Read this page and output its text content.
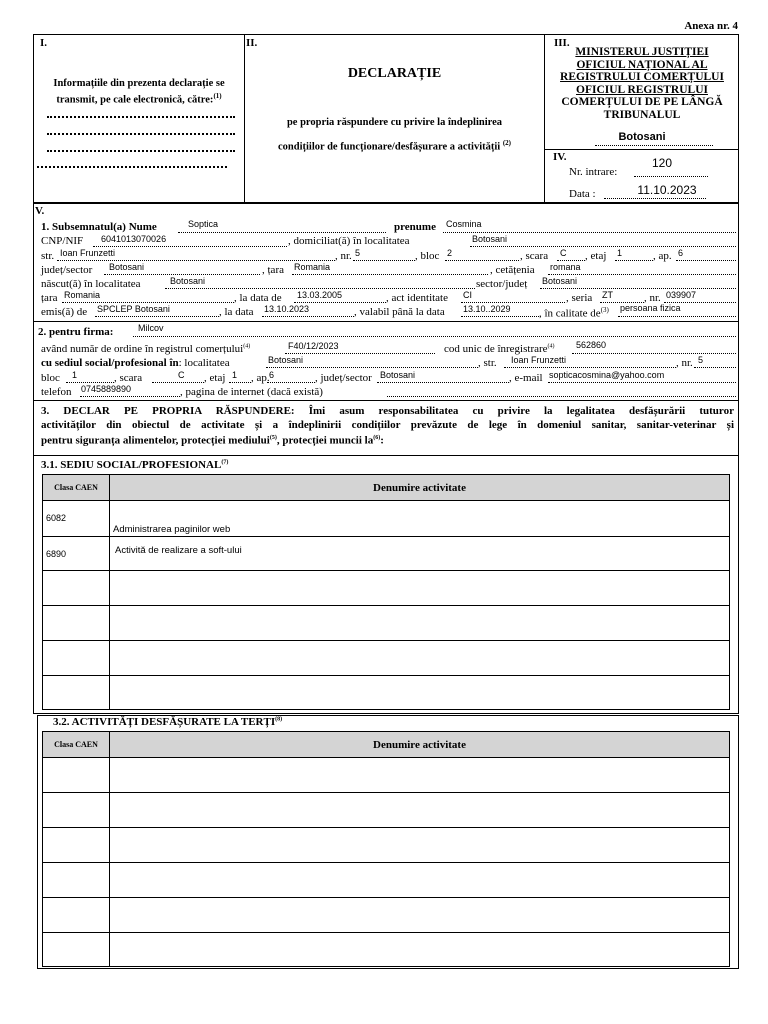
Anexa nr. 4
I.
Informațiile din prezenta declarație se
transmit, pe cale electronică, către:$^{(1)}$
II.
DECLARAȚIE
pe propria răspundere cu privire la îndeplinirea
condițiilor de funcționare/desfășurare a activității $^{(2)}$
III.
MINISTERUL JUSTIȚIEI
OFICIUL NAȚIONAL AL
REGISTRULUI COMERȚULUI
OFICIUL REGISTRULUI
COMERȚULUI DE PE LÂNGĂ
TRIBUNALUL
Botosani
IV.	120
Nr. intrare:
11.10.2023
Data :
V.
1. Subsemnatul(a) Nume	Soptica	prenume Cosmina
CNP/NIF 6041013070026	, domiciliat(ă) în localitatea	Botosani
str. Ioan Frunzetti	, nr. 5	, bloc 2	, scara C , etaj 1	, ap. 6
județ/sector Botosani	, țara Romania	, cetățenia romana
născut(ă) în localitatea	Botosani	sector/județ Botosani
țara Romania	, la data de 13.03.2005	, act identitate CI	, seria ZT	, nr. 039907
emis(ă) de SPCLEP Botosani	, la data 13.10.2023	, valabil până la data 13.10..2029	, în calitate $de^{(3)}$ persoana fizica
2. pentru firma:	Milcov
având număr de ordine în registrul comerțului$^{(4)}$	F40/12/2023	cod unic de înregistrare$^{(4)}$ 562860
cu sediul social/profesional în: localitatea	Botosani	, str. Ioan Frunzetti	, nr. 5
bloc 1	, scara	C , etaj 1 , ap. 6	, județ/sector Botosani	, e-mail sopticacosmina@yahoo.com
telefon 0745889890	, pagina de internet (dacă există)
3. DECLAR PE PROPRIA RĂSPUNDERE: Îmi asum responsabilitatea cu privire la legalitatea desfășurării tuturor
activităților din obiectul de activitate și a îndeplinirii condițiilor prevăzute de lege în domeniul sanitar, sanitar-veterinar și
pentru siguranța alimentelor, protecției mediului$^{(5)}$, protecției muncii $la^{(6)}$:
3.1. SEDIU SOCIAL/PROFESIONAL$^{(7)}$
Clasa CAEN	Denumire activitate

6082	Administrarea paginilor web

6890	Activită de realizare a soft-ului

3.2. ACTIVITĂȚI DESFĂȘURATE LA TERȚI$^{(8)}$
Clasa CAEN	Denumire activitate
